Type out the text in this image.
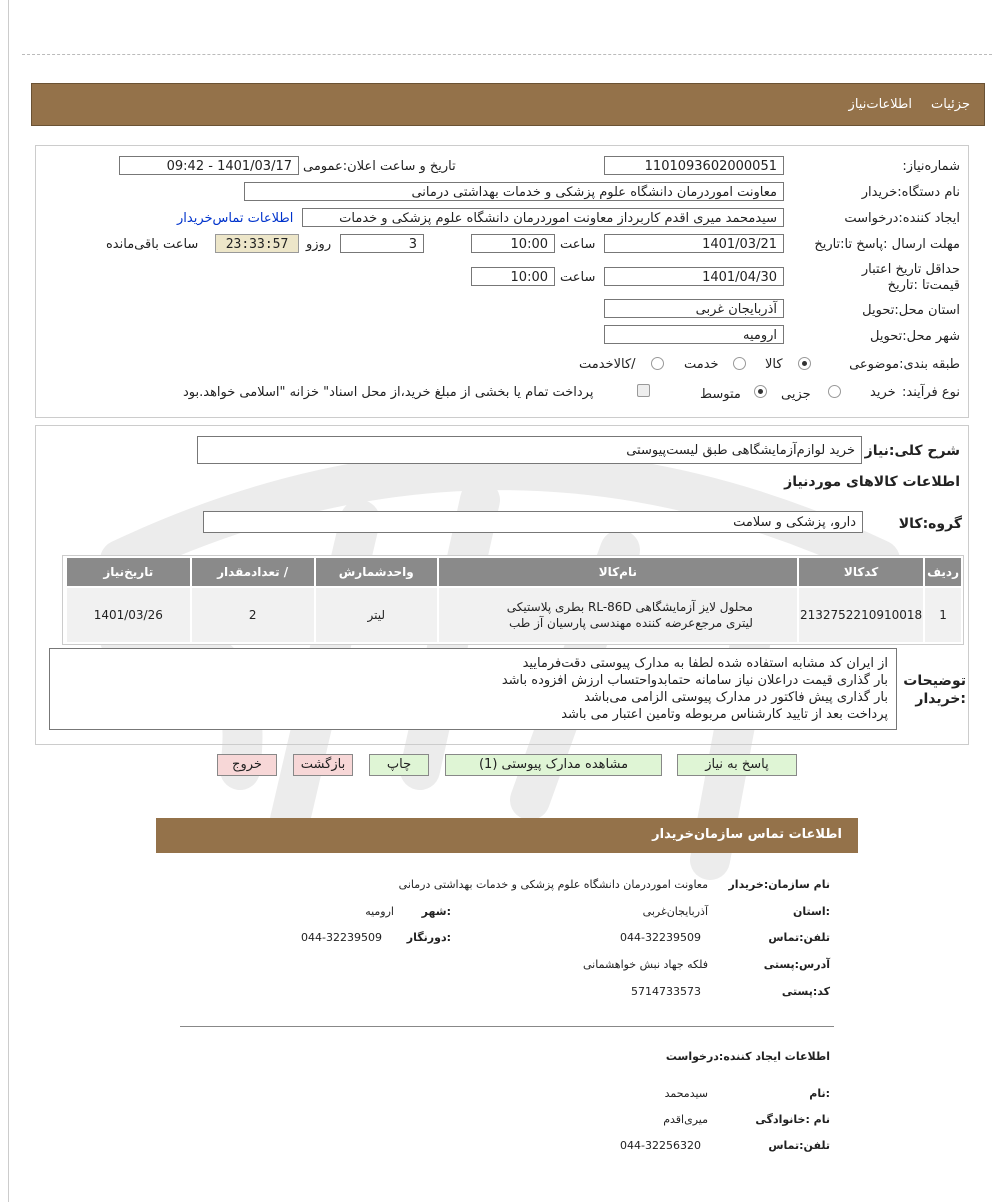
جزئیات
اطلاعات‌نیاز
شماره‌نیاز:
1101093602000051
تاریخ و ساعت اعلان‌:عمومی
1401/03/17 - 09:42
نام دستگاه‌:خریدار
معاونت اموردرمان دانشگاه علوم پزشکی و خدمات بهداشتی درمانی
ایجاد کننده‌:درخواست
سیدمحمد میری اقدم کاربرداز معاونت اموردرمان دانشگاه علوم پزشکی و خدمات
اطلاعات تماس‌خریدار
مهلت ارسال ‌:پاسخ تا‌:تاریخ
1401/03/21
ساعت
10:00
3
روزو
23:33:57
ساعت باقی‌مانده
حداقل تاریخ اعتبار ‌قیمت‌تا ‌:تاریخ
1401/04/30
ساعت
10:00
استان محل‌:تحویل
آذربایجان غربی
شهر محل‌:تحویل
ارومیه
طبقه بندی‌:موضوعی
کالا
خدمت
/کالا‌خدمت
نوع فرآیند:
خرید
جزیی
متوسط
پرداخت تمام یا بخشی از مبلغ خرید،از محل اسناد" خزانه "اسلامی خواهد.بود
شرح کلی‌:نیاز
خرید لوازم‌آزمایشگاهی طبق لیست‌پیوستی
اطلاعات کالاهای موردنیاز
گروه‌:کالا
دارو، پزشکی و سلامت
ردیف	کدکالا	نام‌کالا	واحدشمارش	/ تعدادمقدار	تاریخ‌نیاز
1	2132752210910018	محلول لایز آزمایشگاهی RL-86D بطری پلاستیکی لیتری مرجع‌عرضه کننده مهندسی پارسیان آز طب	لیتر	2	1401/03/26
توضیحات ‌:خریدار
از ایران کد مشابه استفاده شده لطفا به مدارک پیوستی دقت‌فرمایید
بار گذاری قیمت دراعلان نیاز سامانه حتمابدواحتساب ارزش افزوده باشد
بار گذاری پیش فاکتور در مدارک پیوستی الزامی می‌باشد
پرداخت بعد از تایید کارشناس مربوطه وتامین اعتبار می باشد
پاسخ به نیاز
مشاهده مدارک پیوستی (1)
چاپ
بازگشت
خروج
اطلاعات تماس سازمان‌خریدار
نام سازمان‌:خریدار
معاونت اموردرمان دانشگاه علوم پزشکی و خدمات بهداشتی درمانی
:استان
آذربایجان‌غربی
:شهر
ارومیه
تلفن‌:تماس
044-32239509
:دورنگار
044-32239509
آدرس‌:پستی
فلکه جهاد نبش خواهشمانی
کد‌:پستی
5714733573
اطلاعات ایجاد کننده‌:درخواست
:نام
سیدمحمد
نام ‌:خانوادگی
میری‌اقدم
تلفن‌:تماس
044-32256320
